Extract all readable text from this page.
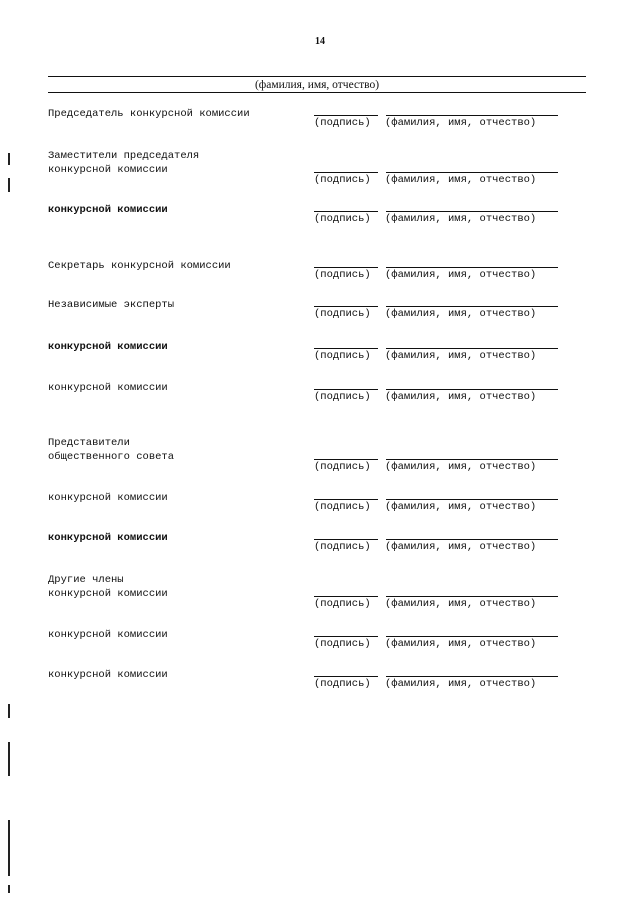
14
(фамилия, имя, отчество)
Председатель конкурсной комиссии
(подпись) (фамилия, имя, отчество)
Заместители председателя
конкурсной комиссии
(подпись) (фамилия, имя, отчество)
конкурсной комиссии
(подпись) (фамилия, имя, отчество)
Секретарь конкурсной комиссии
(подпись) (фамилия, имя, отчество)
Независимые эксперты
(подпись) (фамилия, имя, отчество)
конкурсной комиссии
(подпись) (фамилия, имя, отчество)
конкурсной комиссии
(подпись) (фамилия, имя, отчество)
Представители
общественного совета
(подпись) (фамилия, имя, отчество)
конкурсной комиссии
(подпись) (фамилия, имя, отчество)
конкурсной комиссии
(подпись) (фамилия, имя, отчество)
Другие члены
конкурсной комиссии
(подпись) (фамилия, имя, отчество)
конкурсной комиссии
(подпись) (фамилия, имя, отчество)
конкурсной комиссии
(подпись) (фамилия, имя, отчество)
